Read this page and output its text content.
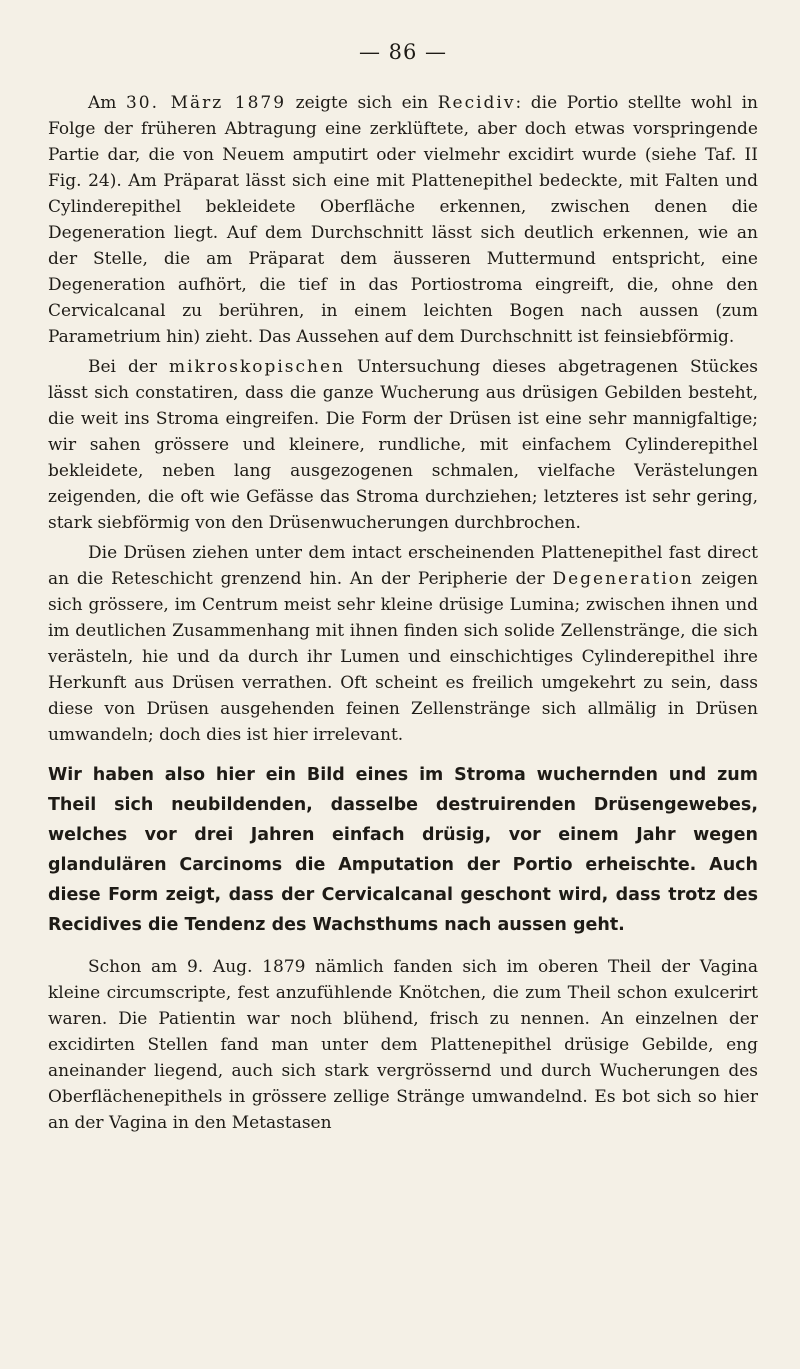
— 86 —

Am 30. März 1879 zeigte sich ein Recidiv: die Portio stellte wohl in Folge der früheren Abtragung eine zerklüftete, aber doch etwas vorspringende Partie dar, die von Neuem amputirt oder vielmehr excidirt wurde (siehe Taf. II Fig. 24). Am Präparat lässt sich eine mit Plattenepithel bedeckte, mit Falten und Cylinderepithel bekleidete Oberfläche erkennen, zwischen denen die Degeneration liegt. Auf dem Durchschnitt lässt sich deutlich erkennen, wie an der Stelle, die am Präparat dem äusseren Muttermund entspricht, eine Degeneration aufhört, die tief in das Portiostroma eingreift, die, ohne den Cervicalcanal zu berühren, in einem leichten Bogen nach aussen (zum Parametrium hin) zieht. Das Aussehen auf dem Durchschnitt ist feinsiebförmig.

Bei der mikroskopischen Untersuchung dieses abgetragenen Stückes lässt sich constatiren, dass die ganze Wucherung aus drüsigen Gebilden besteht, die weit ins Stroma eingreifen. Die Form der Drüsen ist eine sehr mannigfaltige; wir sahen grössere und kleinere, rundliche, mit einfachem Cylinderepithel bekleidete, neben lang ausgezogenen schmalen, vielfache Verästelungen zeigenden, die oft wie Gefässe das Stroma durchziehen; letzteres ist sehr gering, stark siebförmig von den Drüsenwucherungen durchbrochen.

Die Drüsen ziehen unter dem intact erscheinenden Plattenepithel fast direct an die Reteschicht grenzend hin. An der Peripherie der Degeneration zeigen sich grössere, im Centrum meist sehr kleine drüsige Lumina; zwischen ihnen und im deutlichen Zusammenhang mit ihnen finden sich solide Zellenstränge, die sich verästeln, hie und da durch ihr Lumen und einschichtiges Cylinderepithel ihre Herkunft aus Drüsen verrathen. Oft scheint es freilich umgekehrt zu sein, dass diese von Drüsen ausgehenden feinen Zellenstränge sich allmälig in Drüsen umwandeln; doch dies ist hier irrelevant.

Wir haben also hier ein Bild eines im Stroma wuchernden und zum Theil sich neubildenden, dasselbe destruirenden Drüsengewebes, welches vor drei Jahren einfach drüsig, vor einem Jahr wegen glandulären Carcinoms die Amputation der Portio erheischte. Auch diese Form zeigt, dass der Cervicalcanal geschont wird, dass trotz des Recidives die Tendenz des Wachsthums nach aussen geht.

Schon am 9. Aug. 1879 nämlich fanden sich im oberen Theil der Vagina kleine circumscripte, fest anzufühlende Knötchen, die zum Theil schon exulcerirt waren. Die Patientin war noch blühend, frisch zu nennen. An einzelnen der excidirten Stellen fand man unter dem Plattenepithel drüsige Gebilde, eng aneinander liegend, auch sich stark vergrössernd und durch Wucherungen des Oberflächenepithels in grössere zellige Stränge umwandelnd. Es bot sich so hier an der Vagina in den Metastasen
